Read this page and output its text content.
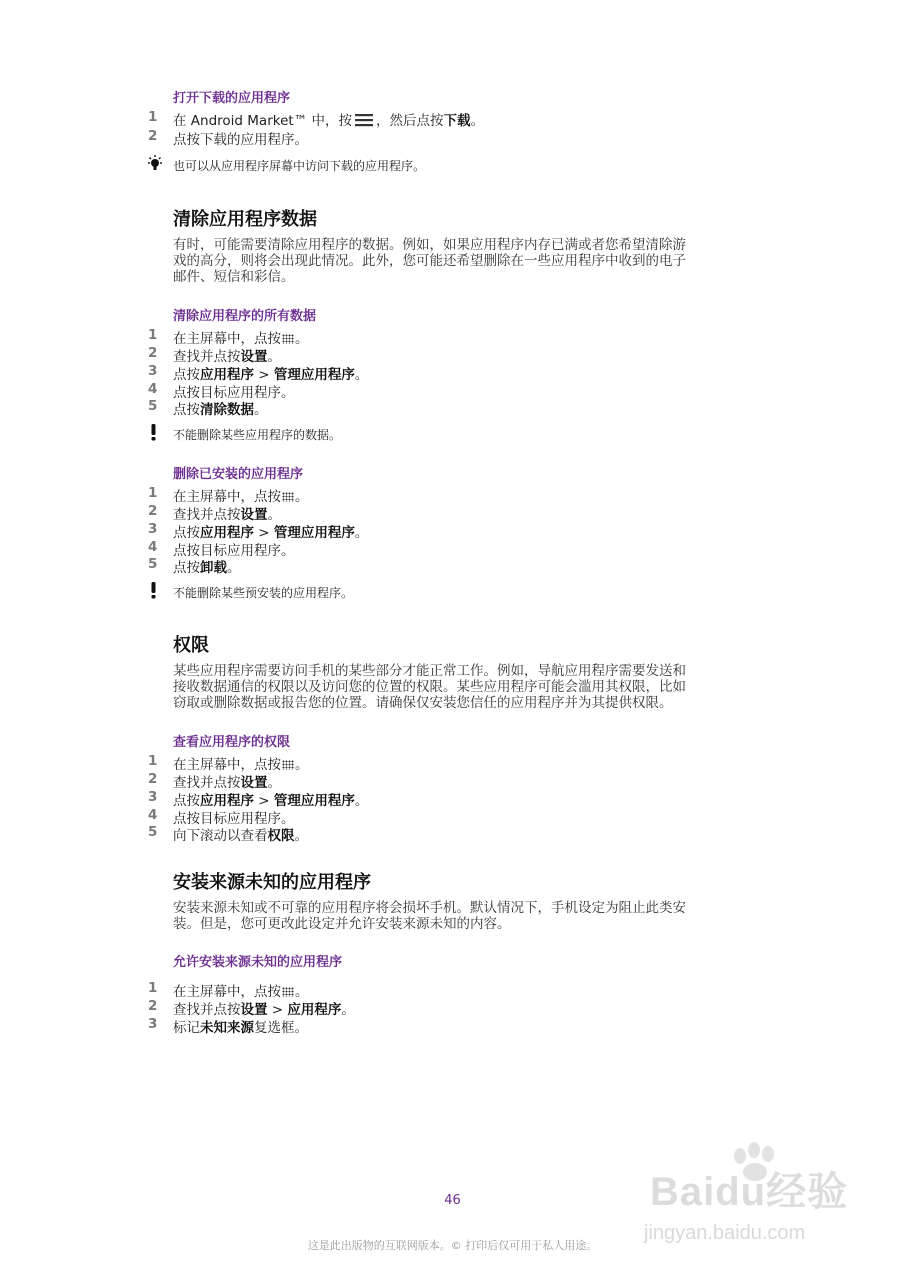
打开下载的应用程序
1	在 Android Market™ 中，按 ，然后点按下载。
2	点按下载的应用程序。
也可以从应用程序屏幕中访问下载的应用程序。
清除应用程序数据
有时，可能需要清除应用程序的数据。例如，如果应用程序内存已满或者您希望清除游
戏的高分，则将会出现此情况。此外，您可能还希望删除在一些应用程序中收到的电子
邮件、短信和彩信。
清除应用程序的所有数据
1	在主屏幕中，点按 。
2	查找并点按设置。
3	点按应用程序 > 管理应用程序。
4	点按目标应用程序。
5	点按清除数据。
不能删除某些应用程序的数据。
删除已安装的应用程序
1	在主屏幕中，点按 。
2	查找并点按设置。
3	点按应用程序 > 管理应用程序。
4	点按目标应用程序。
5	点按卸载。
不能删除某些预安装的应用程序。
权限
某些应用程序需要访问手机的某些部分才能正常工作。例如，导航应用程序需要发送和
接收数据通信的权限以及访问您的位置的权限。某些应用程序可能会滥用其权限，比如
窃取或删除数据或报告您的位置。请确保仅安装您信任的应用程序并为其提供权限。
查看应用程序的权限
1	在主屏幕中，点按 。
2	查找并点按设置。
3	点按应用程序 > 管理应用程序。
4	点按目标应用程序。
5	向下滚动以查看权限。
安装来源未知的应用程序
安装来源未知或不可靠的应用程序将会损坏手机。默认情况下，手机设定为阻止此类安
装。但是，您可更改此设定并允许安装来源未知的内容。
允许安装来源未知的应用程序
1	在主屏幕中，点按 。
2	查找并点按设置 > 应用程序。
3	标记未知来源复选框。
46
这是此出版物的互联网版本。© 打印后仅可用于私人用途。
Baidu经验
jingyan.baidu.com
